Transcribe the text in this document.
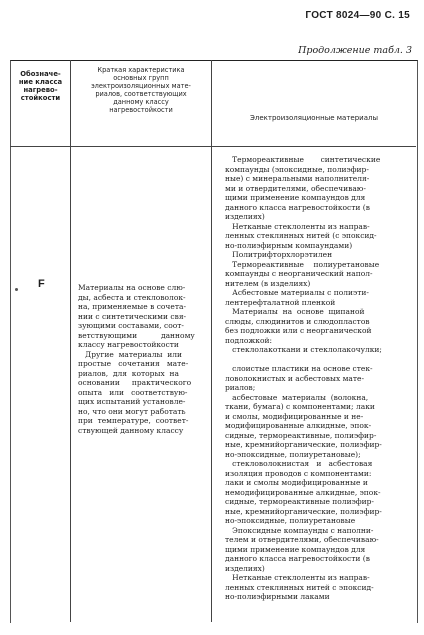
ГОСТ 8024—90 С. 15
Продолжение табл. 3
Обозначе-
ние класса
нагрево-
стойкости
Краткая характеристика
основных групп
электроизоляционных мате-
риалов, соответствующих
данному классу
нагревостойкости
Электроизоляционные материалы
F	Материалы на основе слю-
ды, асбеста и стекловолок-
на, применяемые в сочета-
нии с синтетическими свя-
зующими составами, соот-
ветствующими          данному
классу нагревостойкости
Другие  материалы  или
простые   сочетания   мате-
риалов,  для  которых  на
основании     практического
опыта   или   соответствую-
щих испытаний установле-
но, что они могут работать
при  температуре,  соответ-
ствующей данному классу
Термореактивные       синтетические
компаунды (эпоксидные, полиэфир-
ные) с минеральными наполнителя-
ми и отвердителями, обеспечиваю-
щими применение компаундов для
данного класса нагревостойкости (в
изделиях)
Нетканые стеклоленты из направ-
ленных стеклянных нитей (с эпоксид-
но-полиэфирным компаундами)
Политрифторхлорэтилен
Термореактивные    полиуретановые
компаунды с неорганический напол-
нителем (в изделиях)
Асбестовые материалы с полиэти-
лентерефталатной пленкой
Материалы  на  основе  щипаной
слюды, слюдинитов и слюдопластов
без подложки или с неорганической
подложкой:
стеклолакоткани и стеклолакочулки;

слоистые пластики на основе стек-
ловолокнистых и асбестовых мате-
риалов;
асбестовые  материалы  (волокна,
ткани, бумага) с компонентами; лаки
и смолы, модифицированные и не-
модифицированные алкидные, эпок-
сидные, термореактивные, полиэфир-
ные, кремнийорганические, полиэфир-
но-эпоксидные, полиуретановые);
стекловолокнистая   и   асбестовая
изоляция проводов с компонентами:
лаки и смолы модифицированные и
немодифицированные алкидные, эпок-
сидные, термореактивные полиэфир-
ные, кремнийорганические, полиэфир-
но-эпоксидные, полиуретановые
Эпоксидные компаунды с наполни-
телем и отвердителями, обеспечиваю-
щими применение компаундов для
данного класса нагревостойкости (в
изделиях)
Нетканые стеклоленты из направ-
ленных стеклянных нитей с эпоксид-
но-полиэфирными лаками
